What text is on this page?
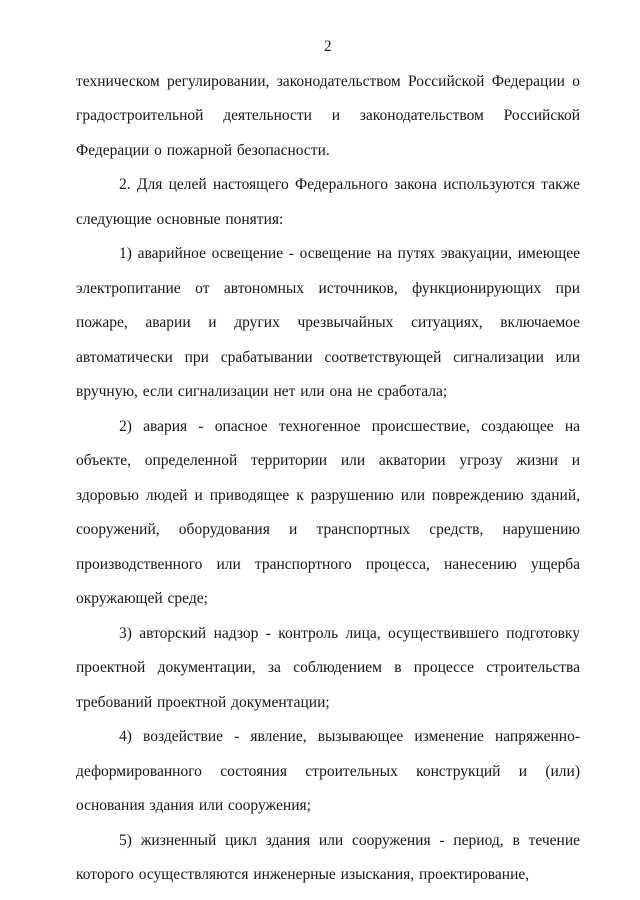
2

техническом регулировании, законодательством Российской Федерации о градостроительной деятельности и законодательством Российской Федерации о пожарной безопасности.

2. Для целей настоящего Федерального закона используются также следующие основные понятия:

1) аварийное освещение - освещение на путях эвакуации, имеющее электропитание от автономных источников, функционирующих при пожаре, аварии и других чрезвычайных ситуациях, включаемое автоматически при срабатывании соответствующей сигнализации или вручную, если сигнализации нет или она не сработала;

2) авария - опасное техногенное происшествие, создающее на объекте, определенной территории или акватории угрозу жизни и здоровью людей и приводящее к разрушению или повреждению зданий, сооружений, оборудования и транспортных средств, нарушению производственного или транспортного процесса, нанесению ущерба окружающей среде;

3) авторский надзор - контроль лица, осуществившего подготовку проектной документации, за соблюдением в процессе строительства требований проектной документации;

4) воздействие - явление, вызывающее изменение напряженно-деформированного состояния строительных конструкций и (или) основания здания или сооружения;

5) жизненный цикл здания или сооружения - период, в течение которого осуществляются инженерные изыскания, проектирование,
